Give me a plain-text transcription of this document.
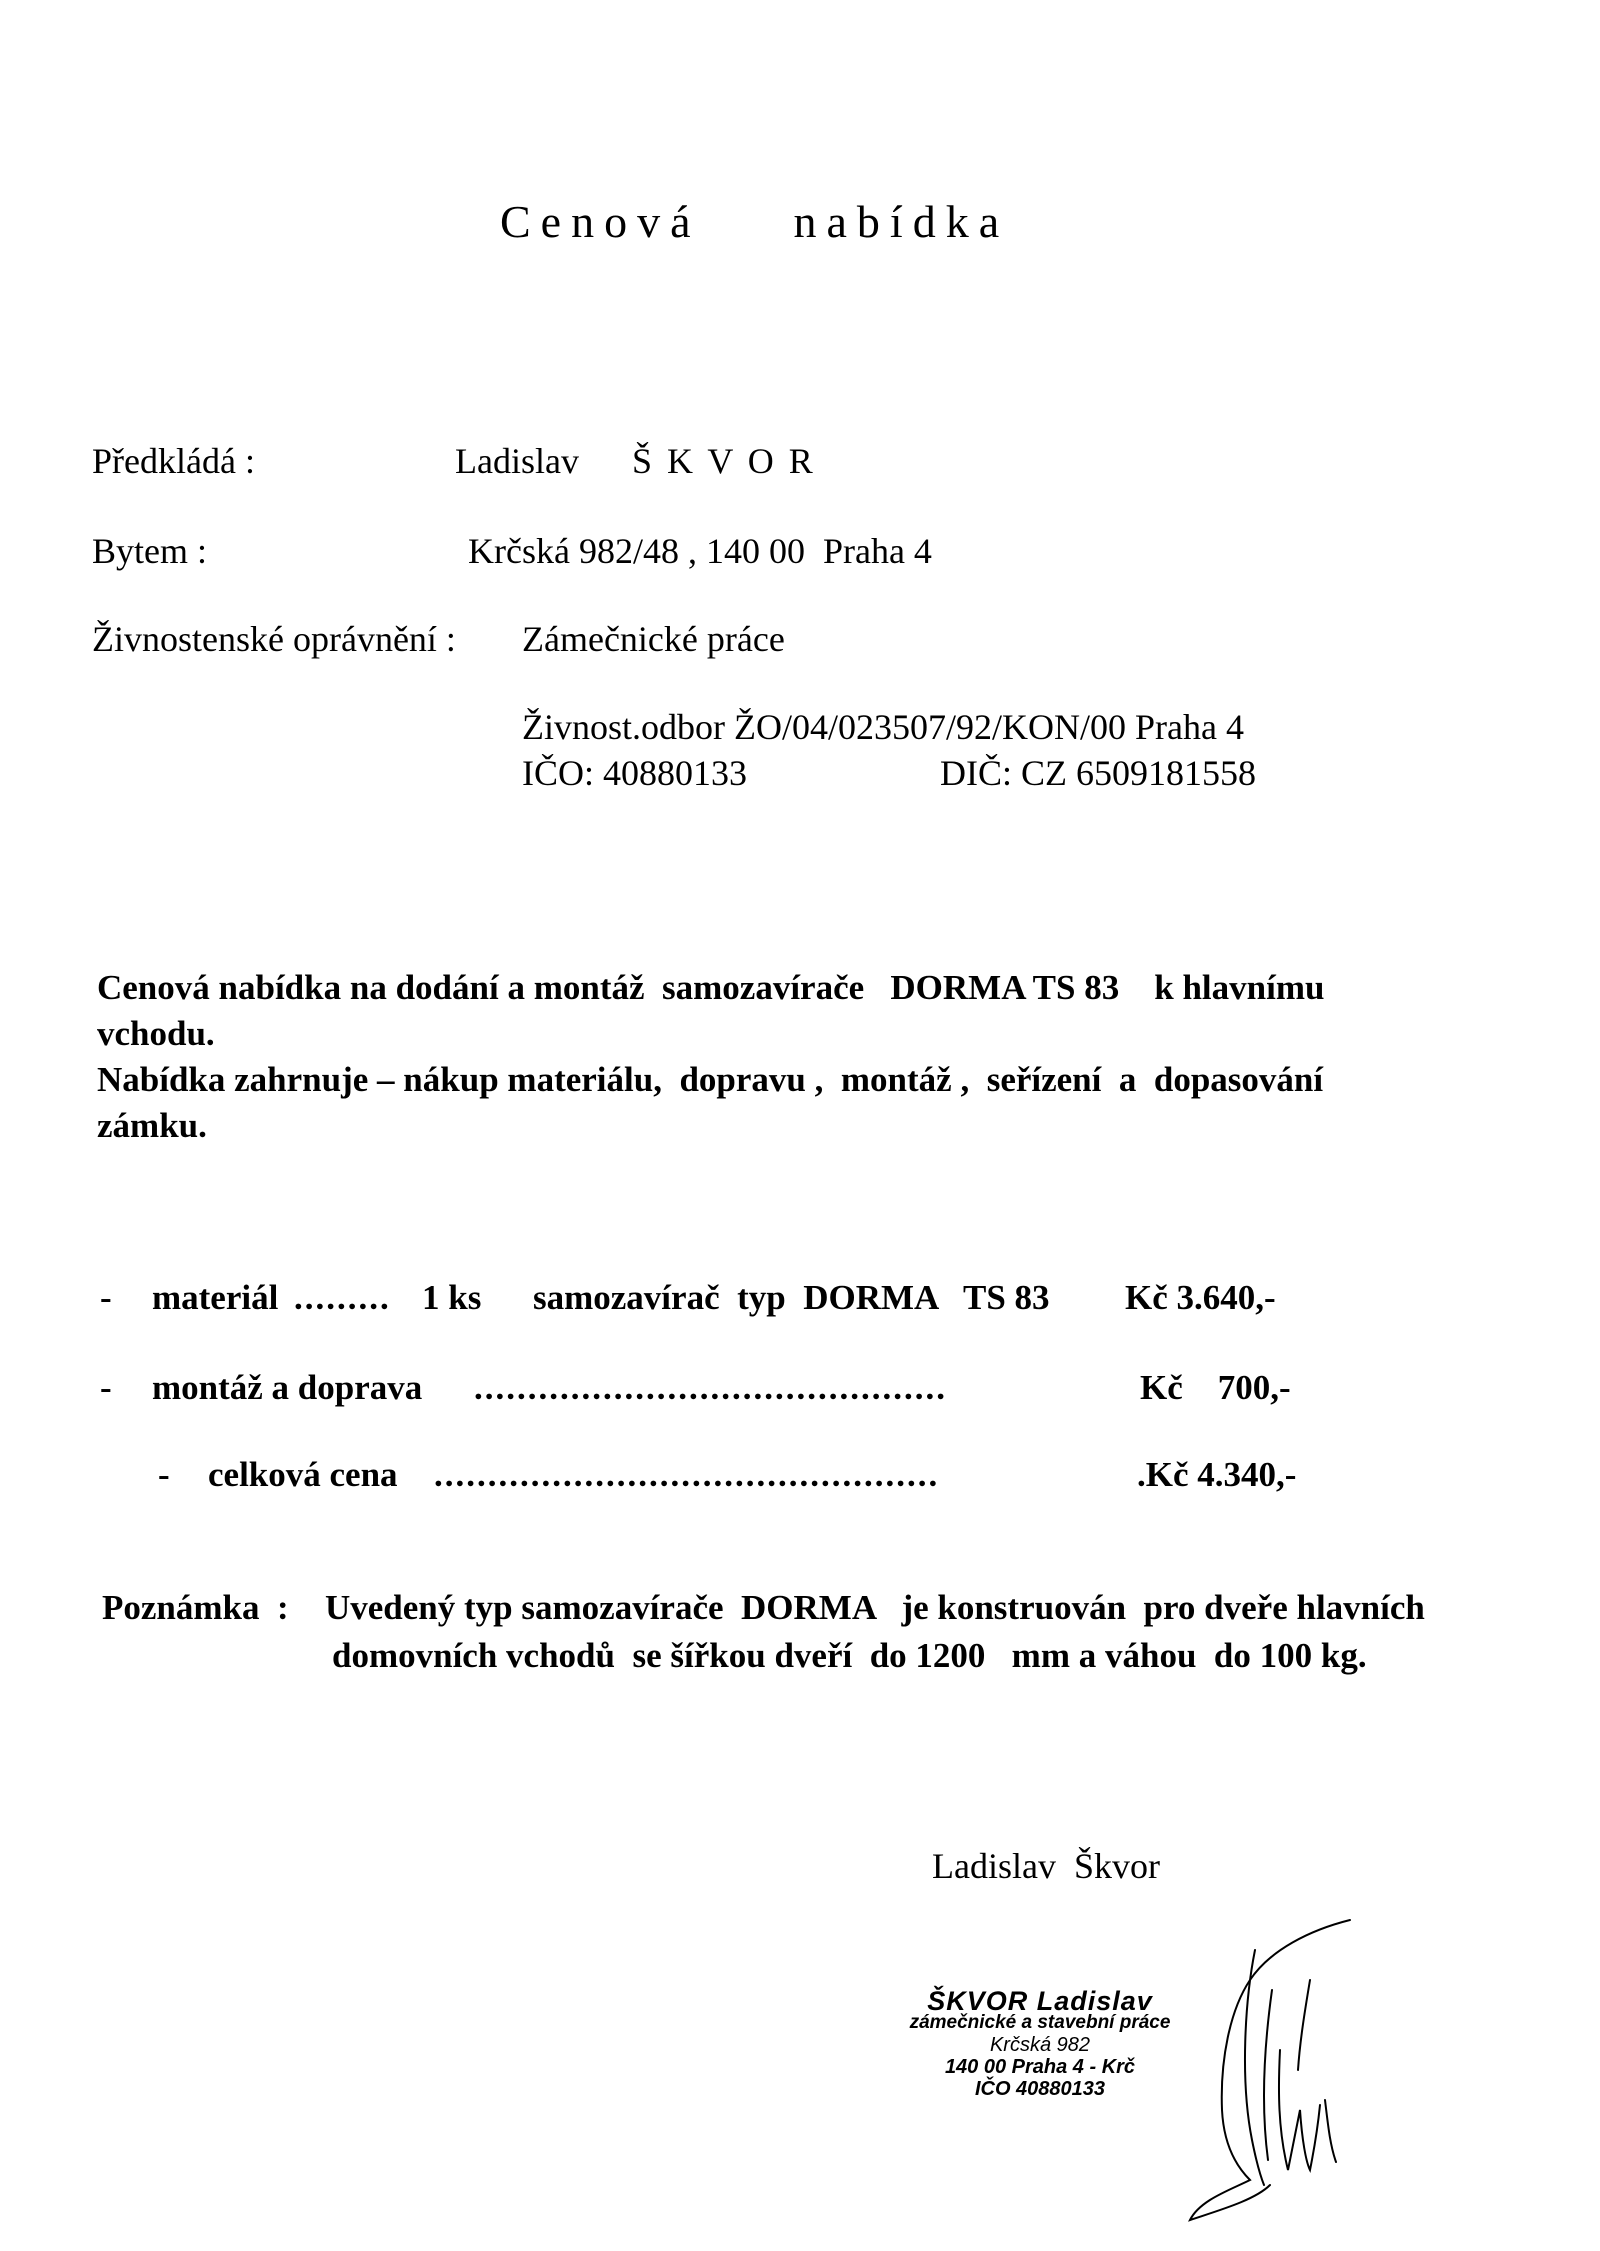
Cenová nabídka
Předkládá :	Ladislav Š K V O R
Bytem :	Krčská 982/48 , 140 00  Praha 4
Živnostenské oprávnění : Zámečnické práce
Živnost.odbor ŽO/04/023507/92/KON/00 Praha 4
IČO: 40880133	DIČ: CZ 6509181558
Cenová nabídka na dodání a montáž  samozavírače   DORMA TS 83    k hlavnímu
vchodu.
Nabídka zahrnuje – nákup materiálu,  dopravu ,  montáž ,  seřízení  a  dopasování
zámku.
- materiál ......... 1 ks samozavírač  typ  DORMA   TS 83 Kč 3.640,-
- montáž a doprava ............................................	Kč    700,-
- celková cena ...............................................	.Kč 4.340,-
Poznámka  : Uvedený typ samozavírače  DORMA   je konstruován  pro dveře hlavních
domovních vchodů  se šířkou dveří  do 1200   mm a váhou  do 100 kg.
Ladislav  Škvor
ŠKVOR Ladislav
zámečnické a stavební práce
Krčská 982
140 00 Praha 4 - Krč
IČO 40880133
